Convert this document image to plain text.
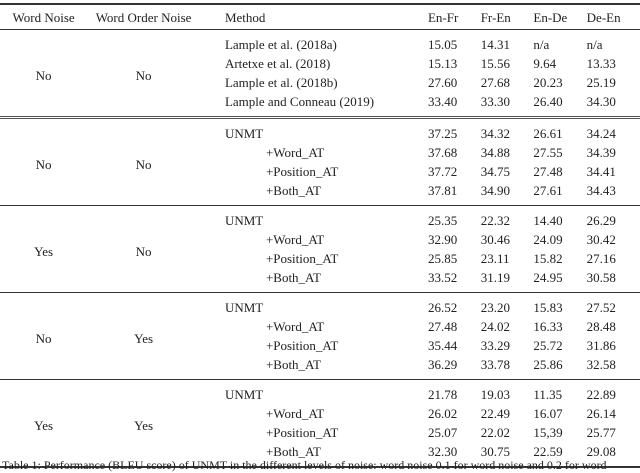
Word Noise	Word Order Noise	Method	En-Fr	Fr-En	En-De	De-En
No	No	Lample et al. (2018a)	15.05	14.31	n/a	n/a
		Artetxe et al. (2018)	15.13	15.56	9.64	13.33
		Lample et al. (2018b)	27.60	27.68	20.23	25.19
		Lample and Conneau (2019)	33.40	33.30	26.40	34.30
No	No	UNMT	37.25	34.32	26.61	34.24
		+Word_AT	37.68	34.88	27.55	34.39
		+Position_AT	37.72	34.75	27.48	34.41
		+Both_AT	37.81	34.90	27.61	34.43
Yes	No	UNMT	25.35	22.32	14.40	26.29
		+Word_AT	32.90	30.46	24.09	30.42
		+Position_AT	25.85	23.11	15.82	27.16
		+Both_AT	33.52	31.19	24.95	30.58
No	Yes	UNMT	26.52	23.20	15.83	27.52
		+Word_AT	27.48	24.02	16.33	28.48
		+Position_AT	35.44	33.29	25.72	31.86
		+Both_AT	36.29	33.78	25.86	32.58
Yes	Yes	UNMT	21.78	19.03	11.35	22.89
		+Word_AT	26.02	22.49	16.07	26.14
		+Position_AT	25.07	22.02	15,39	25.77
		+Both_AT	32.30	30.75	22.59	29.08
Table 1: Performance (BLEU score) of UNMT in the different levels of noise: word noise 0.1 for word noise and 0.2 for word
